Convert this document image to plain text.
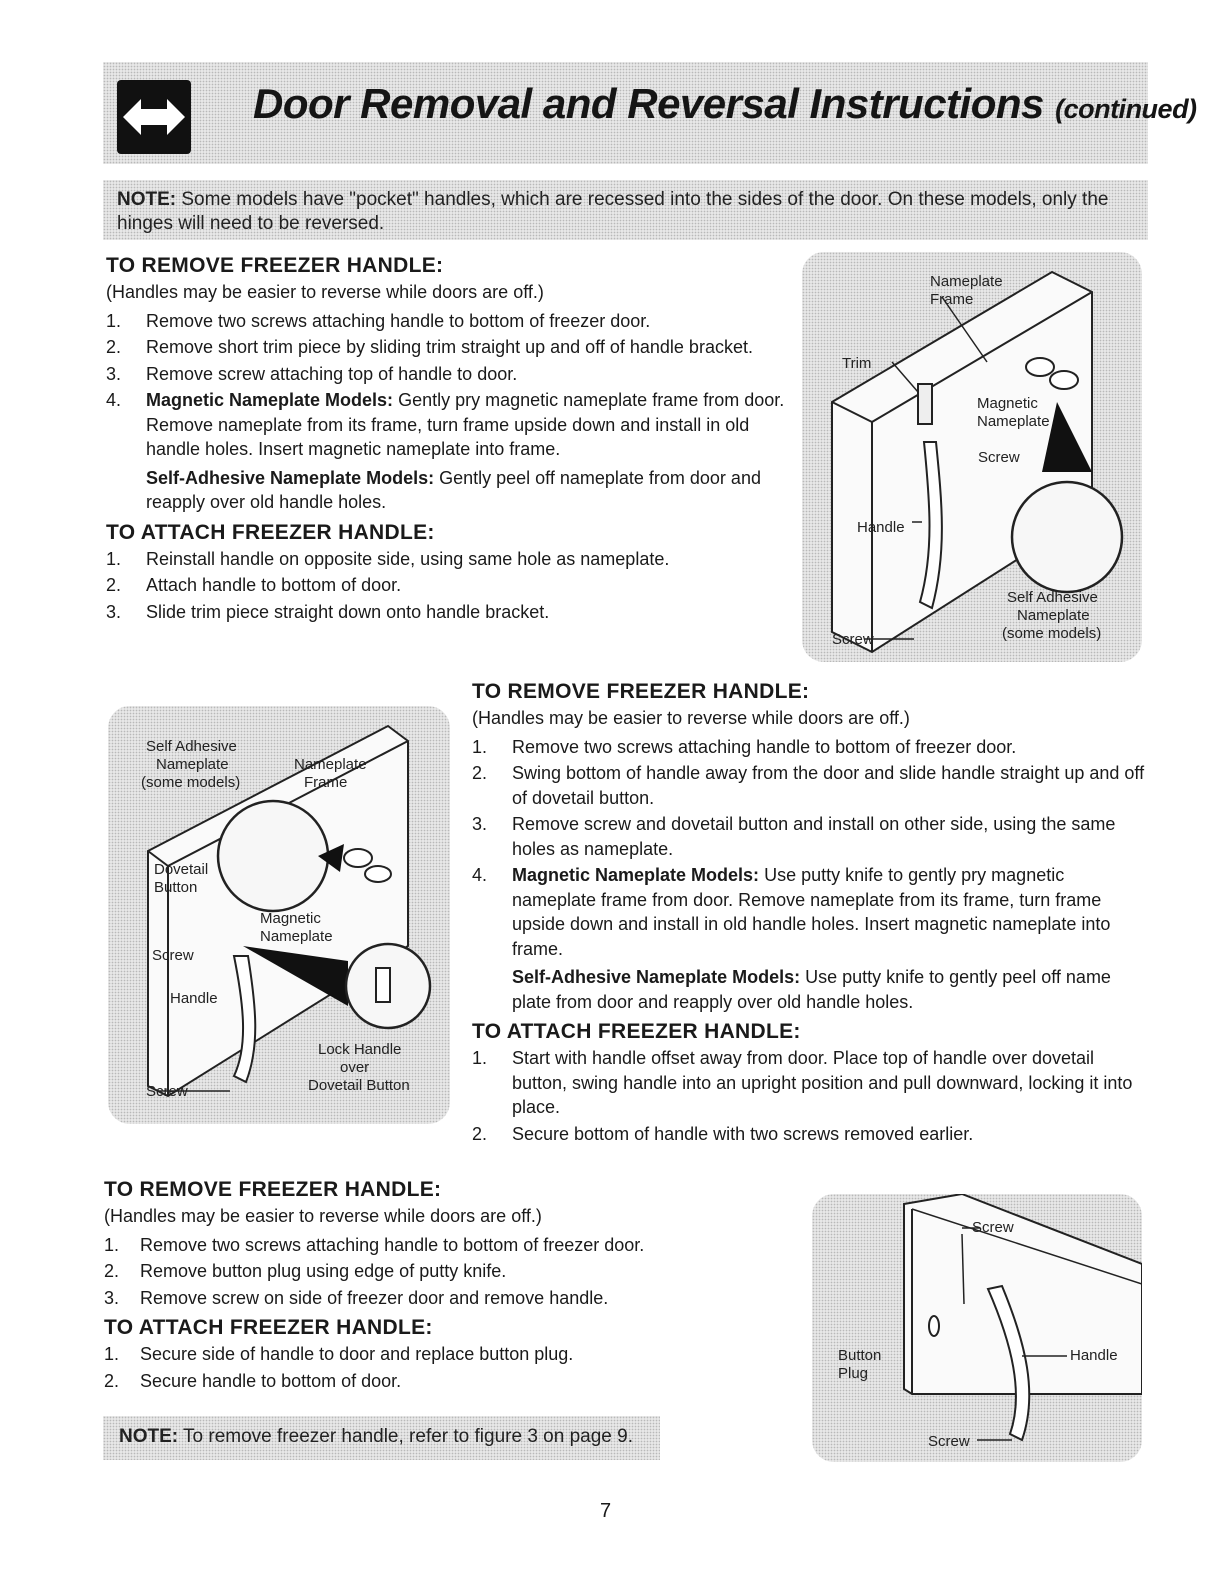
Door Removal and Reversal Instructions (continued)
NOTE: Some models have "pocket" handles, which are recessed into the sides of the door. On these models, only the hinges will need to be reversed.
TO REMOVE FREEZER HANDLE:

(Handles may be easier to reverse while doors are off.)

1. Remove two screws attaching handle to bottom of freezer door.
2. Remove short trim piece by sliding trim straight up and off of handle bracket.
3. Remove screw attaching top of handle to door.
4. Magnetic Nameplate Models: Gently pry magnetic nameplate frame from door. Remove nameplate from its frame, turn frame upside down and install in old handle holes. Insert magnetic nameplate into frame.
Self-Adhesive Nameplate Models: Gently peel off nameplate from door and reapply over old handle holes.
TO ATTACH FREEZER HANDLE:
1. Reinstall handle on opposite side, using same hole as nameplate.
2. Attach handle to bottom of door.
3. Slide trim piece straight down onto handle bracket.
Nameplate
Frame
Trim
Magnetic
Nameplate
Screw
Handle
Self Adhesive
Nameplate
(some models)
Screw
Self Adhesive
Nameplate
(some models)
Nameplate
Frame
Dovetail
Button
Magnetic
Nameplate
Screw
Handle
Lock Handle
over
Dovetail Button
Screw
TO REMOVE FREEZER HANDLE:

(Handles may be easier to reverse while doors are off.)

1. Remove two screws attaching handle to bottom of freezer door.
2. Swing bottom of handle away from the door and slide handle straight up and off of dovetail button.
3. Remove screw and dovetail button and install on other side, using the same holes as nameplate.
4. Magnetic Nameplate Models: Use putty knife to gently pry magnetic nameplate frame from door. Remove nameplate from its frame, turn frame upside down and install in old handle holes. Insert magnetic nameplate into frame.
Self-Adhesive Nameplate Models: Use putty knife to gently peel off name plate from door and reapply over old handle holes.
TO ATTACH FREEZER HANDLE:
1. Start with handle offset away from door. Place top of handle over dovetail button, swing handle into an upright position and pull downward, locking it into place.
2. Secure bottom of handle with two screws removed earlier.
TO REMOVE FREEZER HANDLE:

(Handles may be easier to reverse while doors are off.)

1. Remove two screws attaching handle to bottom of freezer door.
2. Remove button plug using edge of putty knife.
3. Remove screw on side of freezer door and remove handle.
TO ATTACH FREEZER HANDLE:
1. Secure side of handle to door and replace button plug.
2. Secure handle to bottom of door.
Screw
Button
Plug
Handle
Screw
NOTE: To remove freezer handle, refer to figure 3 on page 9.
7
